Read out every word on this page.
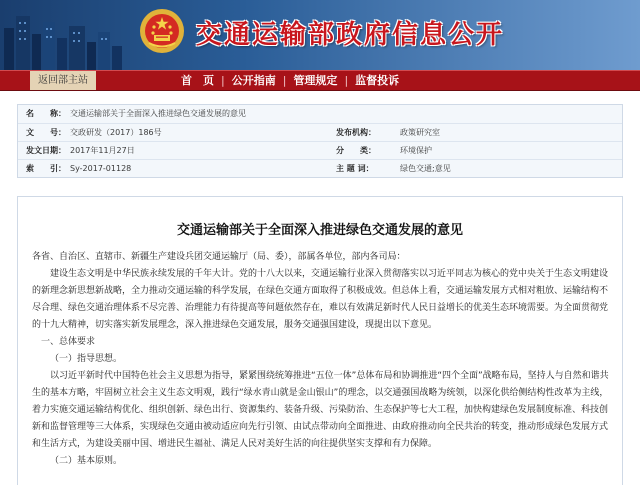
交通运输部政府信息公开
返回部主站	首　页 | 公开指南 | 管理规定 | 监督投诉
名　　称： 交通运输部关于全面深入推进绿色交通发展的意见
文　　号： 交政研发（2017）186号	发布机构：	政策研究室
发文日期： 2017年11月27日	分　　类：	环境保护
索　　引： Sy-2017-01128	主 题 词：	绿色交通;意见
交通运输部关于全面深入推进绿色交通发展的意见

各省、自治区、直辖市、新疆生产建设兵团交通运输厅（局、委），部属各单位，部内各司局：

建设生态文明是中华民族永续发展的千年大计。党的十八大以来，交通运输行业深入贯彻落实以习近平同志为核心的党中央关于生态文明建设的新理念新思想新战略，全力推动交通运输的科学发展，在绿色交通方面取得了积极成效。但总体上看，交通运输发展方式相对粗放、运输结构不尽合理、绿色交通治理体系不尽完善、治理能力有待提高等问题依然存在，难以有效满足新时代人民日益增长的优美生态环境需要。为全面贯彻党的十九大精神，切实落实新发展理念，深入推进绿色交通发展，服务交通强国建设，现提出以下意见。

一、总体要求

（一）指导思想。

以习近平新时代中国特色社会主义思想为指导，紧紧围绕统筹推进“五位一体”总体布局和协调推进“四个全面”战略布局，坚持人与自然和谐共生的基本方略，牢固树立社会主义生态文明观，践行“绿水青山就是金山银山”的理念，以交通强国战略为统领，以深化供给侧结构性改革为主线，着力实施交通运输结构优化、组织创新、绿色出行、资源集约、装备升级、污染防治、生态保护等七大工程，加快构建绿色发展制度标准、科技创新和监督管理等三大体系，实现绿色交通由被动适应向先行引领、由试点带动向全面推进、由政府推动向全民共治的转变，推动形成绿色发展方式和生活方式，为建设美丽中国、增进民生福祉、满足人民对美好生活的向往提供坚实支撑和有力保障。

（二）基本原则。
